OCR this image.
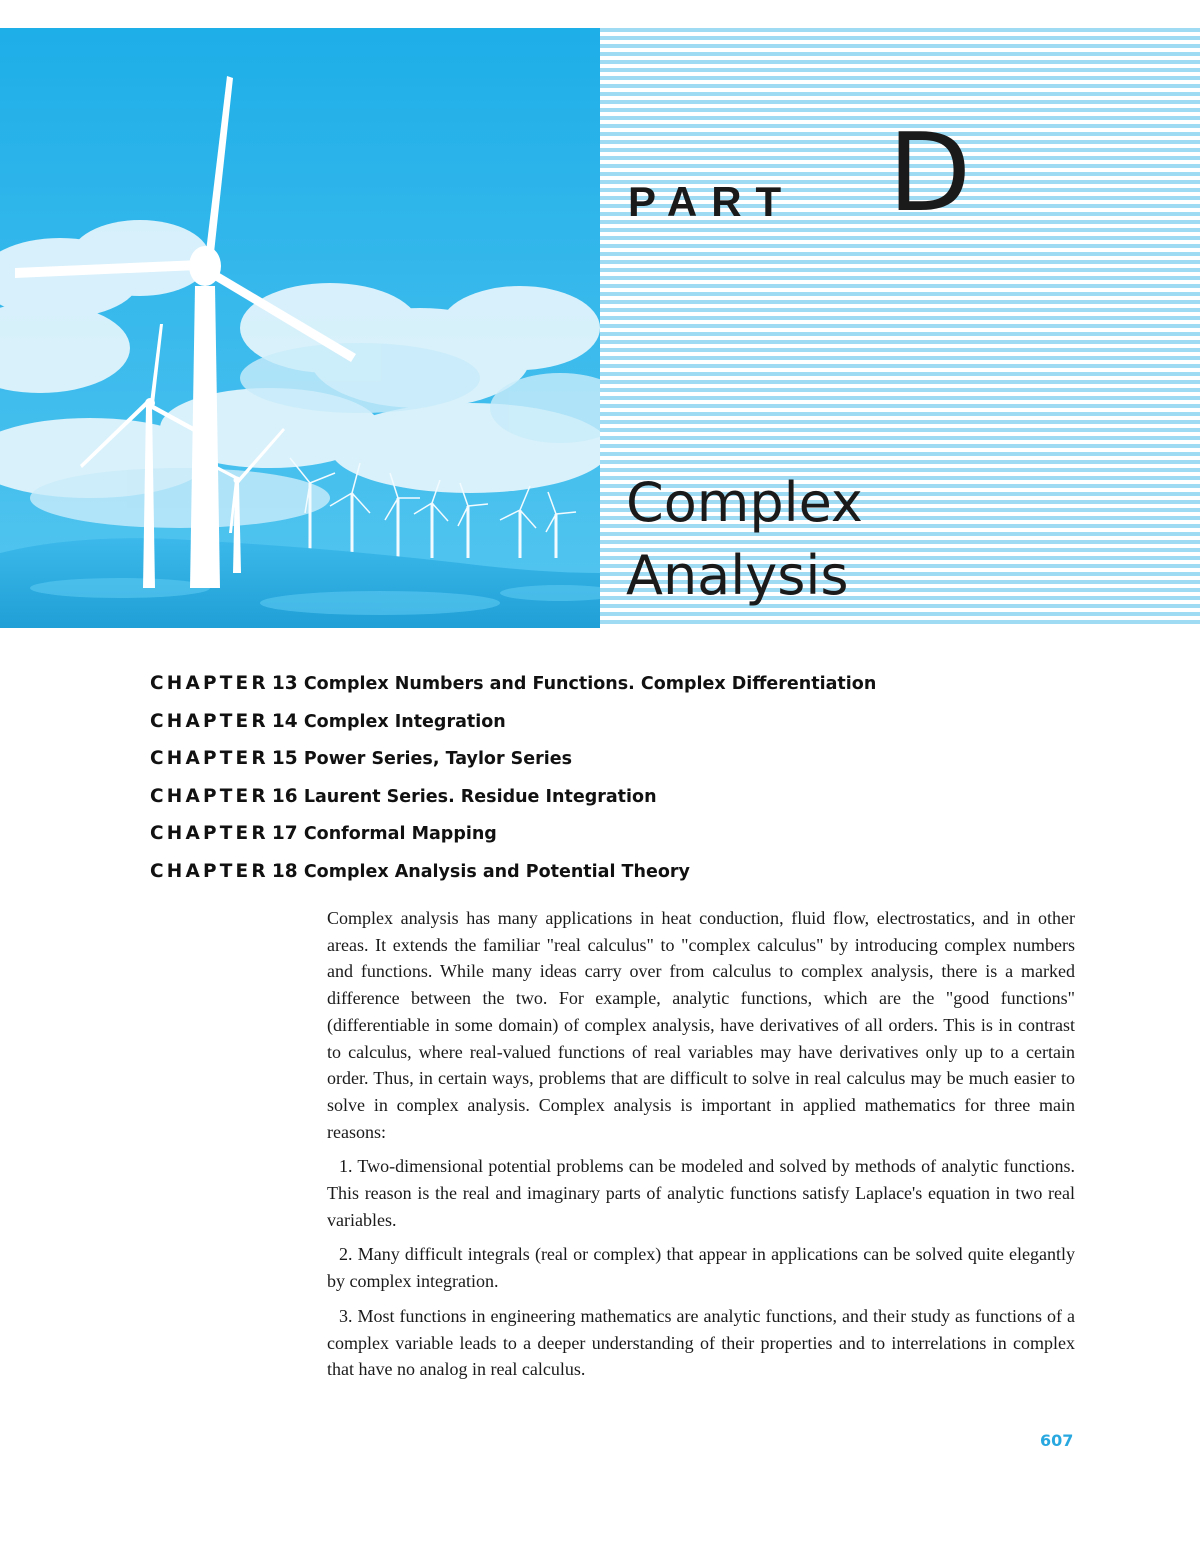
PART D
Complex
Analysis
CHAPTER 13 Complex Numbers and Functions. Complex Differentiation
CHAPTER 14 Complex Integration
CHAPTER 15 Power Series, Taylor Series
CHAPTER 16 Laurent Series. Residue Integration
CHAPTER 17 Conformal Mapping
CHAPTER 18 Complex Analysis and Potential Theory

Complex analysis has many applications in heat conduction, fluid flow, electrostatics, and in other areas. It extends the familiar "real calculus" to "complex calculus" by introducing complex numbers and functions. While many ideas carry over from calculus to complex analysis, there is a marked difference between the two. For example, analytic functions, which are the "good functions" (differentiable in some domain) of complex analysis, have derivatives of all orders. This is in contrast to calculus, where real-valued functions of real variables may have derivatives only up to a certain order. Thus, in certain ways, problems that are difficult to solve in real calculus may be much easier to solve in complex analysis. Complex analysis is important in applied mathematics for three main reasons:

1. Two-dimensional potential problems can be modeled and solved by methods of analytic functions. This reason is the real and imaginary parts of analytic functions satisfy Laplace's equation in two real variables.

2. Many difficult integrals (real or complex) that appear in applications can be solved quite elegantly by complex integration.

3. Most functions in engineering mathematics are analytic functions, and their study as functions of a complex variable leads to a deeper understanding of their properties and to interrelations in complex that have no analog in real calculus.

607
